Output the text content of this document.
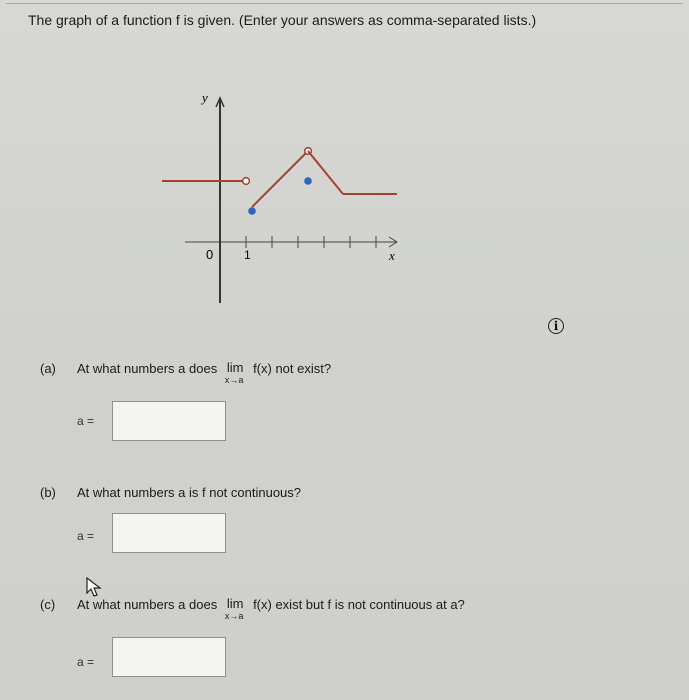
The graph of a function f is given. (Enter your answers as comma-separated lists.)
y
x
0	1
i
(a) At what numbers a does lim
x→a
f(x) not exist?
a =
(b) At what numbers a is f not continuous?
a =
(c) At what numbers a does lim
x→a
f(x) exist but f is not continuous at a?
a =
